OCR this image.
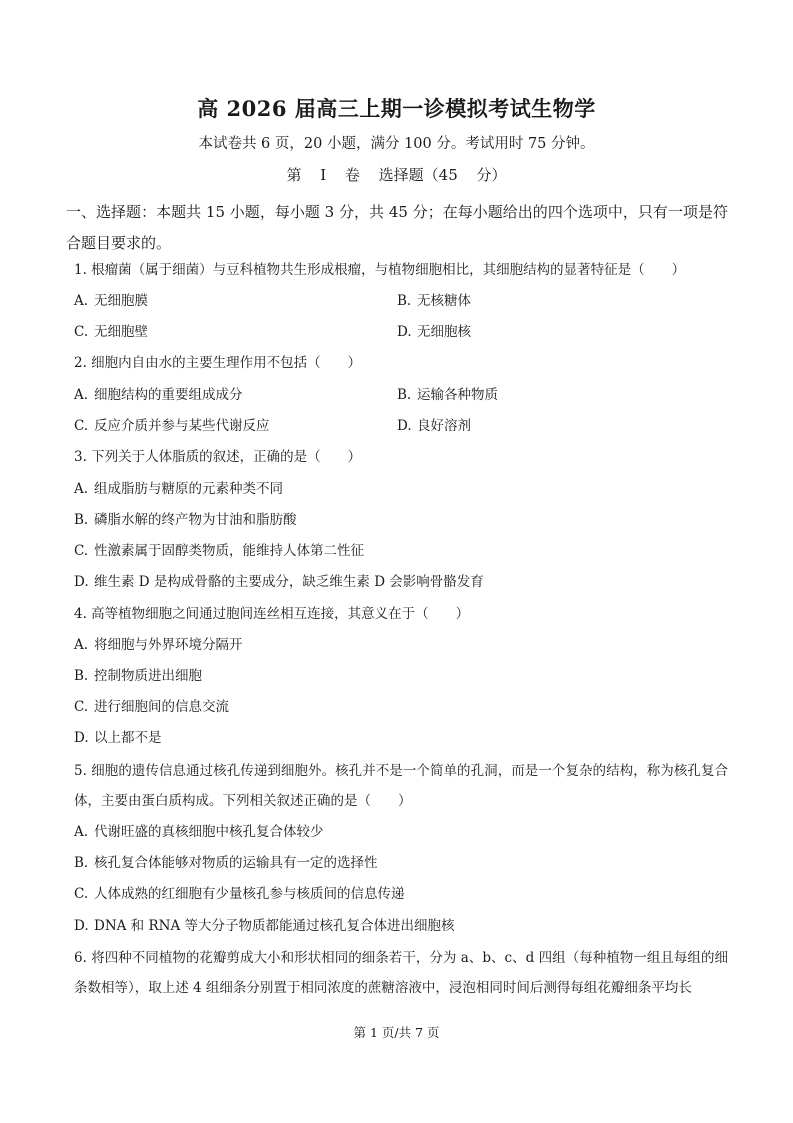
高 2026 届高三上期一诊模拟考试生物学
本试卷共 6 页，20 小题，满分 100 分。考试用时 75 分钟。
第 I 卷 选择题（45 分）
一、选择题：本题共 15 小题，每小题 3 分，共 45 分；在每小题给出的四个选项中，只有一项是符合题目要求的。
1. 根瘤菌（属于细菌）与豆科植物共生形成根瘤，与植物细胞相比，其细胞结构的显著特征是（　　）
A. 无细胞膜	B. 无核糖体
C. 无细胞壁	D. 无细胞核
2. 细胞内自由水的主要生理作用不包括（　　）
A. 细胞结构的重要组成成分	B. 运输各种物质
C. 反应介质并参与某些代谢反应	D. 良好溶剂
3. 下列关于人体脂质的叙述，正确的是（　　）
A. 组成脂肪与糖原的元素种类不同
B. 磷脂水解的终产物为甘油和脂肪酸
C. 性激素属于固醇类物质，能维持人体第二性征
D. 维生素 D 是构成骨骼的主要成分，缺乏维生素 D 会影响骨骼发育
4. 高等植物细胞之间通过胞间连丝相互连接，其意义在于（　　）
A. 将细胞与外界环境分隔开
B. 控制物质进出细胞
C. 进行细胞间的信息交流
D. 以上都不是
5. 细胞的遗传信息通过核孔传递到细胞外。核孔并不是一个简单的孔洞，而是一个复杂的结构，称为核孔复合体，主要由蛋白质构成。下列相关叙述正确的是（　　）
A. 代谢旺盛的真核细胞中核孔复合体较少
B. 核孔复合体能够对物质的运输具有一定的选择性
C. 人体成熟的红细胞有少量核孔参与核质间的信息传递
D. DNA 和 RNA 等大分子物质都能通过核孔复合体进出细胞核
6. 将四种不同植物的花瓣剪成大小和形状相同的细条若干，分为 a、b、c、d 四组（每种植物一组且每组的细条数相等），取上述 4 组细条分别置于相同浓度的蔗糖溶液中，浸泡相同时间后测得每组花瓣细条平均长
第 1 页/共 7 页
